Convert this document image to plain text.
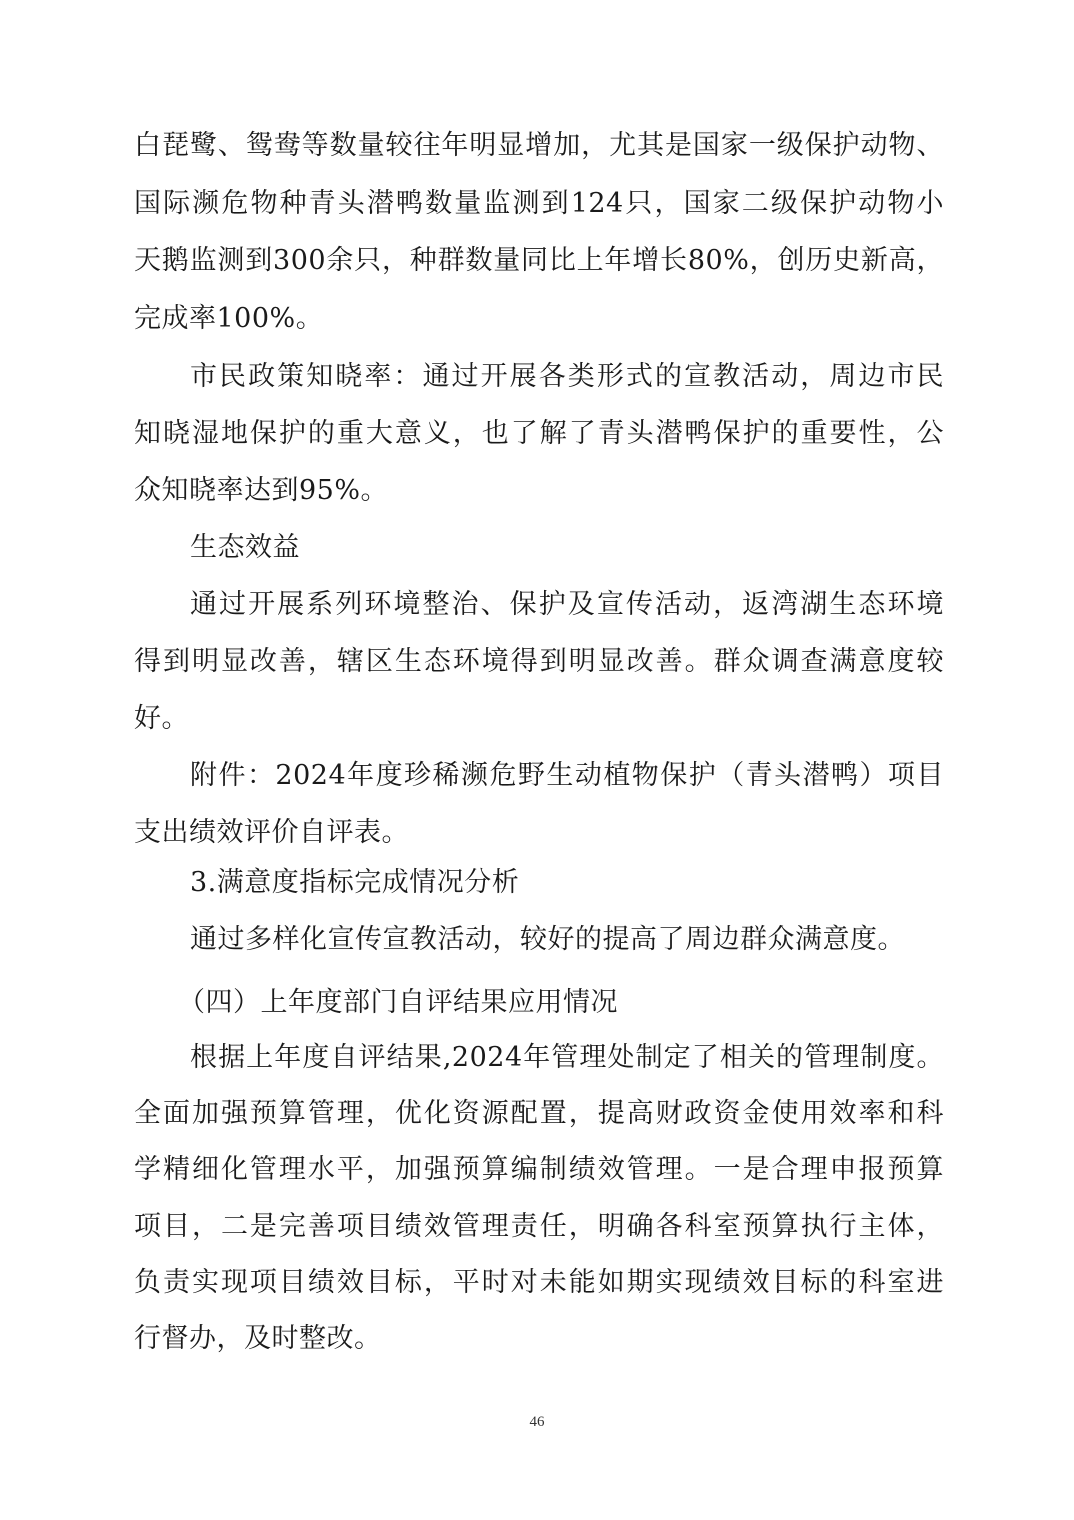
白琵鹭、鸳鸯等数量较往年明显增加，尤其是国家一级保护动物、
国际濒危物种青头潜鸭数量监测到124只，国家二级保护动物小
天鹅监测到300余只，种群数量同比上年增长80%，创历史新高，
完成率100%。
市民政策知晓率：通过开展各类形式的宣教活动，周边市民
知晓湿地保护的重大意义，也了解了青头潜鸭保护的重要性，公
众知晓率达到95%。
生态效益
通过开展系列环境整治、保护及宣传活动，返湾湖生态环境
得到明显改善，辖区生态环境得到明显改善。群众调查满意度较
好。
附件：2024年度珍稀濒危野生动植物保护（青头潜鸭）项目
支出绩效评价自评表。
3.满意度指标完成情况分析
通过多样化宣传宣教活动，较好的提高了周边群众满意度。
（四）上年度部门自评结果应用情况
根据上年度自评结果,2024年管理处制定了相关的管理制度。
全面加强预算管理，优化资源配置，提高财政资金使用效率和科
学精细化管理水平，加强预算编制绩效管理。一是合理申报预算
项目，二是完善项目绩效管理责任，明确各科室预算执行主体，
负责实现项目绩效目标，平时对未能如期实现绩效目标的科室进
行督办，及时整改。
46
